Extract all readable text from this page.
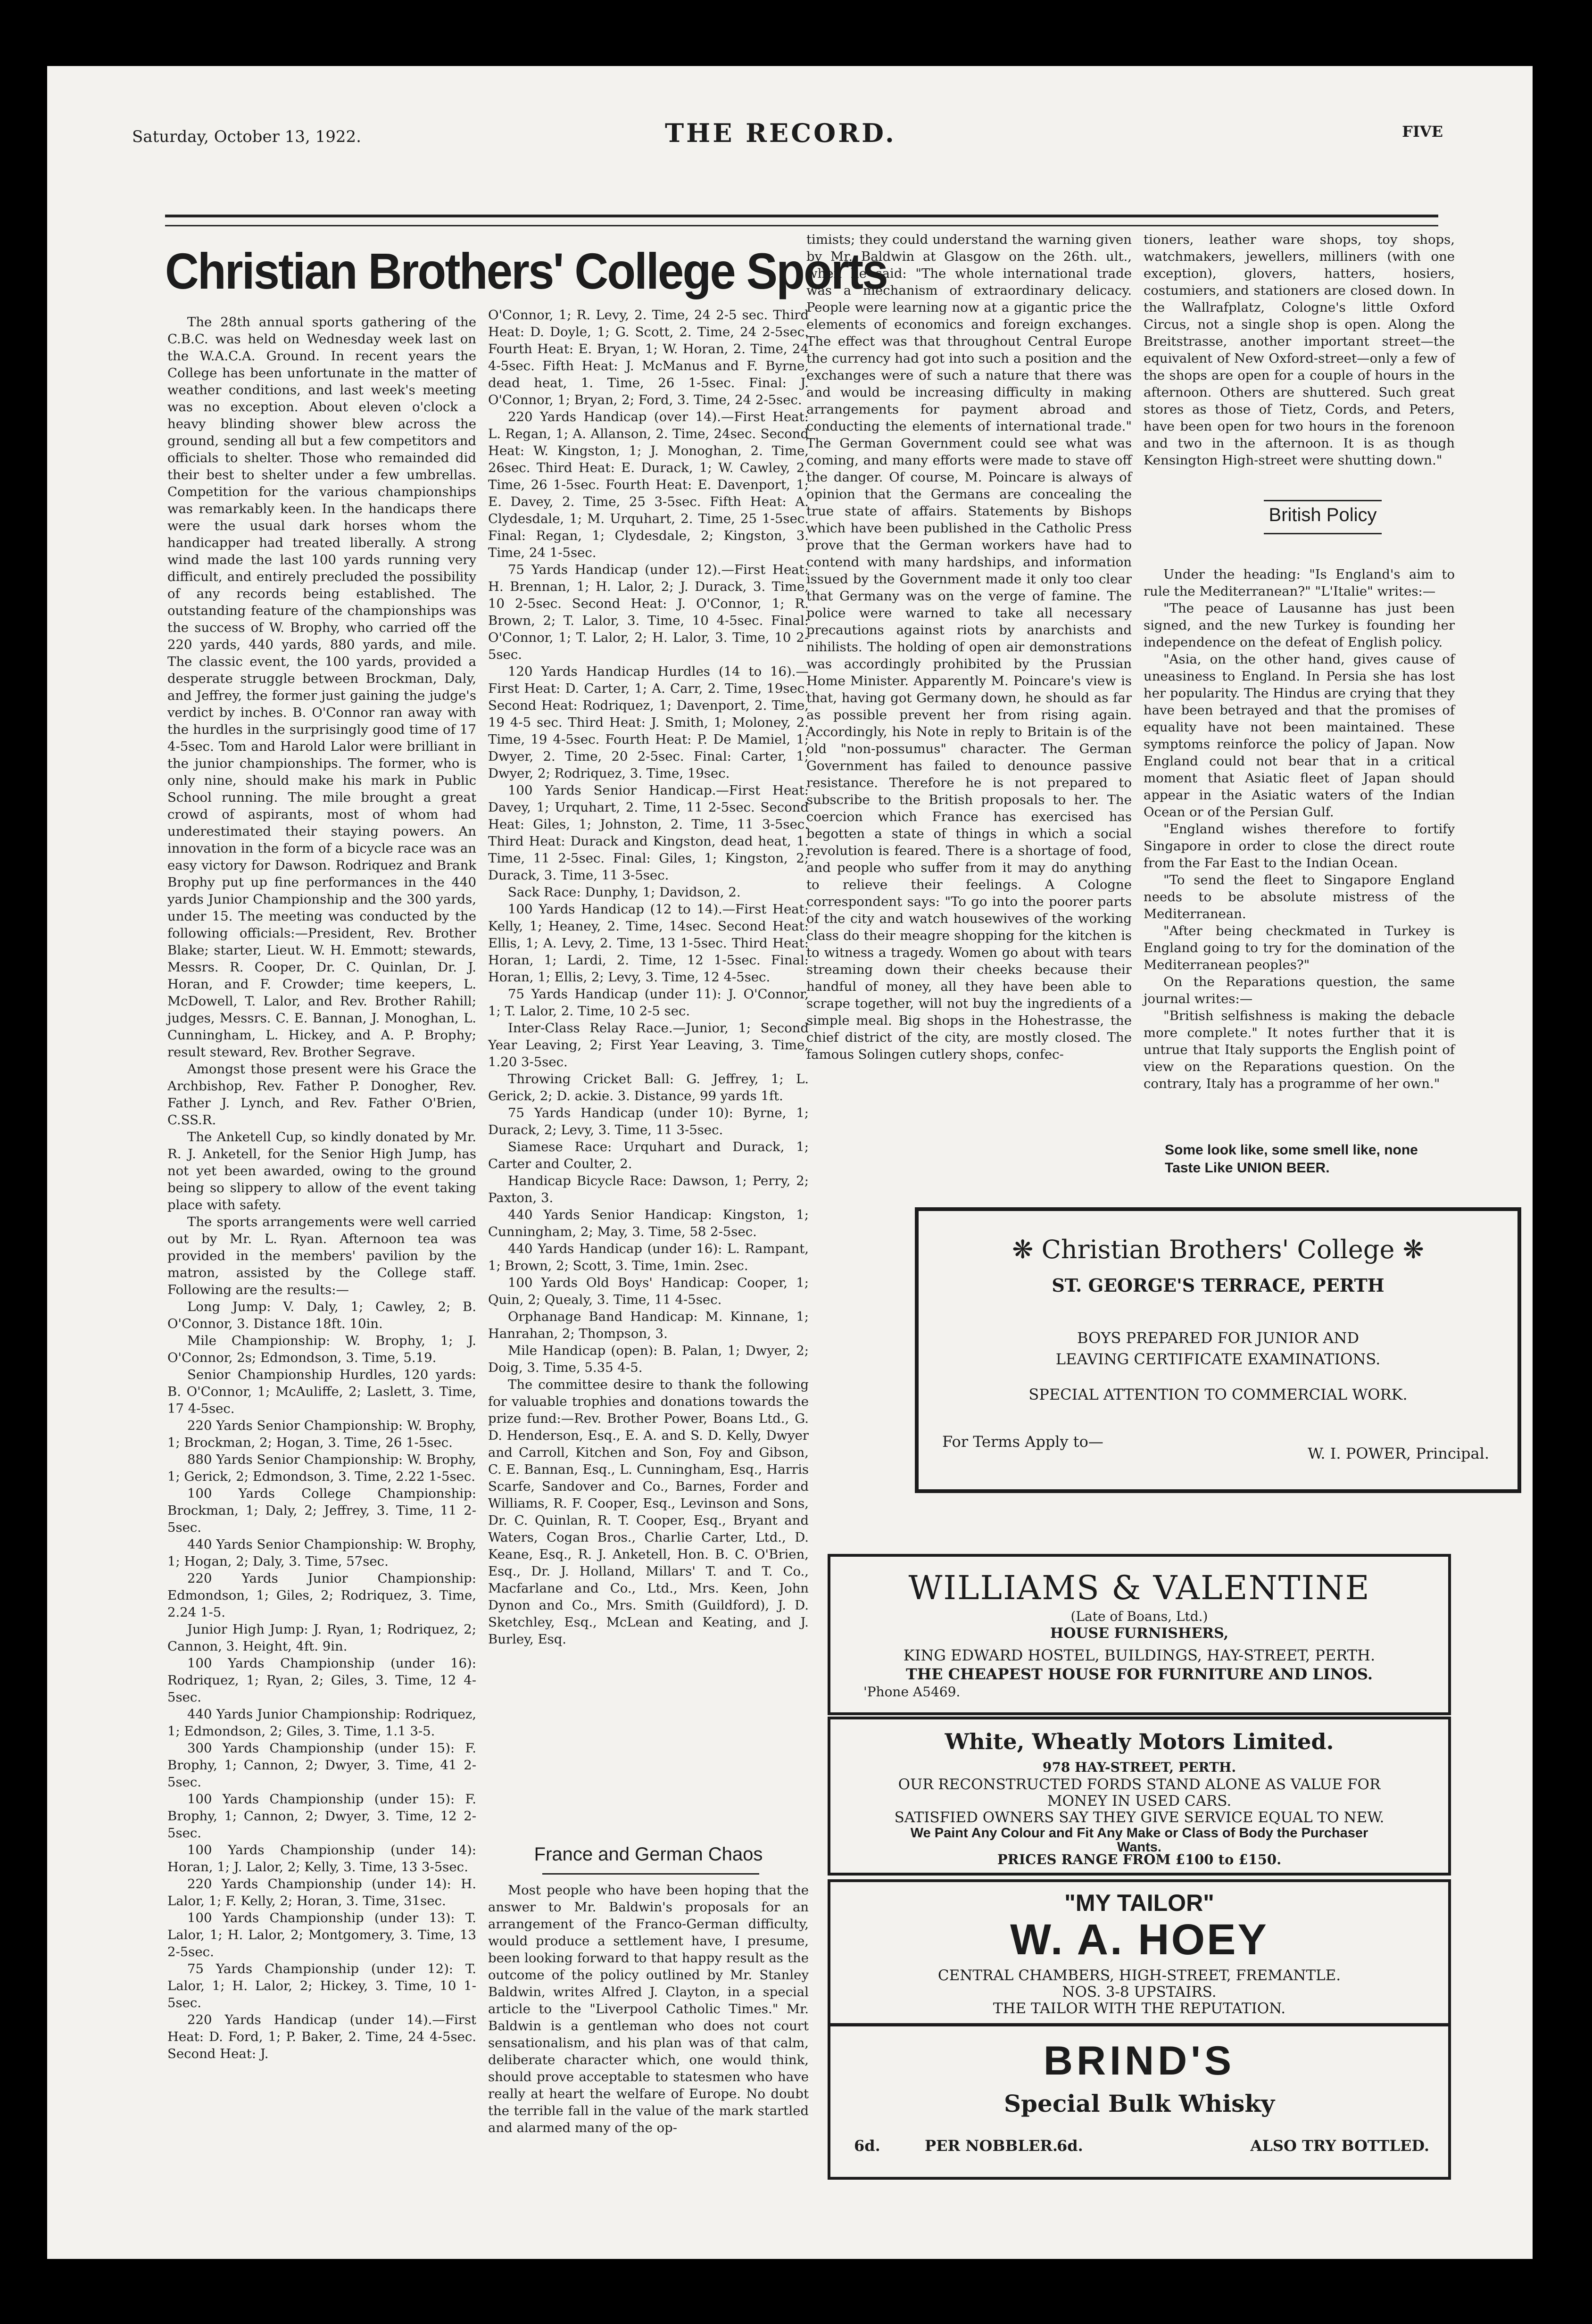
Saturday, October 13, 1922.	THE RECORD.	FIVE
Christian Brothers' College Sports

The 28th annual sports gathering of the C.B.C. was held on Wednesday week last on the W.A.C.A. Ground. In recent years the College has been unfortunate in the matter of weather conditions, and last week's meeting was no exception. About eleven o'clock a heavy blinding shower blew across the ground, sending all but a few competitors and officials to shelter. Those who remainded did their best to shelter under a few umbrellas. Competition for the various championships was remarkably keen. In the handicaps there were the usual dark horses whom the handicapper had treated liberally. A strong wind made the last 100 yards running very difficult, and entirely precluded the possibility of any records being established. The outstanding feature of the championships was the success of W. Brophy, who carried off the 220 yards, 440 yards, 880 yards, and mile. The classic event, the 100 yards, provided a desperate struggle between Brockman, Daly, and Jeffrey, the former just gaining the judge's verdict by inches. B. O'Connor ran away with the hurdles in the surprisingly good time of 17 4-5sec. Tom and Harold Lalor were brilliant in the junior championships. The former, who is only nine, should make his mark in Public School running. The mile brought a great crowd of aspirants, most of whom had underestimated their staying powers. An innovation in the form of a bicycle race was an easy victory for Dawson. Rodriquez and Brank Brophy put up fine performances in the 440 yards Junior Championship and the 300 yards, under 15. The meeting was conducted by the following officials:—President, Rev. Brother Blake; starter, Lieut. W. H. Emmott; stewards, Messrs. R. Cooper, Dr. C. Quinlan, Dr. J. Horan, and F. Crowder; time keepers, L. McDowell, T. Lalor, and Rev. Brother Rahill; judges, Messrs. C. E. Bannan, J. Monoghan, L. Cunningham, L. Hickey, and A. P. Brophy; result steward, Rev. Brother Segrave.

Amongst those present were his Grace the Archbishop, Rev. Father P. Donogher, Rev. Father J. Lynch, and Rev. Father O'Brien, C.SS.R.

The Anketell Cup, so kindly donated by Mr. R. J. Anketell, for the Senior High Jump, has not yet been awarded, owing to the ground being so slippery to allow of the event taking place with safety.

The sports arrangements were well carried out by Mr. L. Ryan. Afternoon tea was provided in the members' pavilion by the matron, assisted by the College staff. Following are the results:—

Long Jump: V. Daly, 1; Cawley, 2; B. O'Connor, 3. Distance 18ft. 10in.

Mile Championship: W. Brophy, 1; J. O'Connor, 2s; Edmondson, 3. Time, 5.19.

Senior Championship Hurdles, 120 yards: B. O'Connor, 1; McAuliffe, 2; Laslett, 3. Time, 17 4-5sec.

220 Yards Senior Championship: W. Brophy, 1; Brockman, 2; Hogan, 3. Time, 26 1-5sec.

880 Yards Senior Championship: W. Brophy, 1; Gerick, 2; Edmondson, 3. Time, 2.22 1-5sec.

100 Yards College Championship: Brockman, 1; Daly, 2; Jeffrey, 3. Time, 11 2-5sec.

440 Yards Senior Championship: W. Brophy, 1; Hogan, 2; Daly, 3. Time, 57sec.

220 Yards Junior Championship: Edmondson, 1; Giles, 2; Rodriquez, 3. Time, 2.24 1-5.

Junior High Jump: J. Ryan, 1; Rodriquez, 2; Cannon, 3. Height, 4ft. 9in.

100 Yards Championship (under 16): Rodriquez, 1; Ryan, 2; Giles, 3. Time, 12 4-5sec.

440 Yards Junior Championship: Rodriquez, 1; Edmondson, 2; Giles, 3. Time, 1.1 3-5.

300 Yards Championship (under 15): F. Brophy, 1; Cannon, 2; Dwyer, 3. Time, 41 2-5sec.

100 Yards Championship (under 15): F. Brophy, 1; Cannon, 2; Dwyer, 3. Time, 12 2-5sec.

100 Yards Championship (under 14): Horan, 1; J. Lalor, 2; Kelly, 3. Time, 13 3-5sec.

220 Yards Championship (under 14): H. Lalor, 1; F. Kelly, 2; Horan, 3. Time, 31sec.

100 Yards Championship (under 13): T. Lalor, 1; H. Lalor, 2; Montgomery, 3. Time, 13 2-5sec.

75 Yards Championship (under 12): T. Lalor, 1; H. Lalor, 2; Hickey, 3. Time, 10 1-5sec.

220 Yards Handicap (under 14).—First Heat: D. Ford, 1; P. Baker, 2. Time, 24 4-5sec. Second Heat: J.

O'Connor, 1; R. Levy, 2. Time, 24 2-5 sec. Third Heat: D. Doyle, 1; G. Scott, 2. Time, 24 2-5sec. Fourth Heat: E. Bryan, 1; W. Horan, 2. Time, 24 4-5sec. Fifth Heat: J. McManus and F. Byrne, dead heat, 1. Time, 26 1-5sec. Final: J. O'Connor, 1; Bryan, 2; Ford, 3. Time, 24 2-5sec.

220 Yards Handicap (over 14).—First Heat: L. Regan, 1; A. Allanson, 2. Time, 24sec. Second Heat: W. Kingston, 1; J. Monoghan, 2. Time, 26sec. Third Heat: E. Durack, 1; W. Cawley, 2. Time, 26 1-5sec. Fourth Heat: E. Davenport, 1; E. Davey, 2. Time, 25 3-5sec. Fifth Heat: A. Clydesdale, 1; M. Urquhart, 2. Time, 25 1-5sec. Final: Regan, 1; Clydesdale, 2; Kingston, 3. Time, 24 1-5sec.

75 Yards Handicap (under 12).—First Heat: H. Brennan, 1; H. Lalor, 2; J. Durack, 3. Time, 10 2-5sec. Second Heat: J. O'Connor, 1; R. Brown, 2; T. Lalor, 3. Time, 10 4-5sec. Final: O'Connor, 1; T. Lalor, 2; H. Lalor, 3. Time, 10 2-5sec.

120 Yards Handicap Hurdles (14 to 16).—First Heat: D. Carter, 1; A. Carr, 2. Time, 19sec. Second Heat: Rodriquez, 1; Davenport, 2. Time, 19 4-5 sec. Third Heat: J. Smith, 1; Moloney, 2. Time, 19 4-5sec. Fourth Heat: P. De Mamiel, 1; Dwyer, 2. Time, 20 2-5sec. Final: Carter, 1; Dwyer, 2; Rodriquez, 3. Time, 19sec.

100 Yards Senior Handicap.—First Heat: Davey, 1; Urquhart, 2. Time, 11 2-5sec. Second Heat: Giles, 1; Johnston, 2. Time, 11 3-5sec. Third Heat: Durack and Kingston, dead heat, 1. Time, 11 2-5sec. Final: Giles, 1; Kingston, 2; Durack, 3. Time, 11 3-5sec.

Sack Race: Dunphy, 1; Davidson, 2.

100 Yards Handicap (12 to 14).—First Heat: Kelly, 1; Heaney, 2. Time, 14sec. Second Heat: Ellis, 1; A. Levy, 2. Time, 13 1-5sec. Third Heat: Horan, 1; Lardi, 2. Time, 12 1-5sec. Final: Horan, 1; Ellis, 2; Levy, 3. Time, 12 4-5sec.

75 Yards Handicap (under 11): J. O'Connor, 1; T. Lalor, 2. Time, 10 2-5 sec.

Inter-Class Relay Race.—Junior, 1; Second Year Leaving, 2; First Year Leaving, 3. Time, 1.20 3-5sec.

Throwing Cricket Ball: G. Jeffrey, 1; L. Gerick, 2; D. ackie. 3. Distance, 99 yards 1ft.

75 Yards Handicap (under 10): Byrne, 1; Durack, 2; Levy, 3. Time, 11 3-5sec.

Siamese Race: Urquhart and Durack, 1; Carter and Coulter, 2.

Handicap Bicycle Race: Dawson, 1; Perry, 2; Paxton, 3.

440 Yards Senior Handicap: Kingston, 1; Cunningham, 2; May, 3. Time, 58 2-5sec.

440 Yards Handicap (under 16): L. Rampant, 1; Brown, 2; Scott, 3. Time, 1min. 2sec.

100 Yards Old Boys' Handicap: Cooper, 1; Quin, 2; Quealy, 3. Time, 11 4-5sec.

Orphanage Band Handicap: M. Kinnane, 1; Hanrahan, 2; Thompson, 3.

Mile Handicap (open): B. Palan, 1; Dwyer, 2; Doig, 3. Time, 5.35 4-5.

The committee desire to thank the following for valuable trophies and donations towards the prize fund:—Rev. Brother Power, Boans Ltd., G. D. Henderson, Esq., E. A. and S. D. Kelly, Dwyer and Carroll, Kitchen and Son, Foy and Gibson, C. E. Bannan, Esq., L. Cunningham, Esq., Harris Scarfe, Sandover and Co., Barnes, Forder and Williams, R. F. Cooper, Esq., Levinson and Sons, Dr. C. Quinlan, R. T. Cooper, Esq., Bryant and Waters, Cogan Bros., Charlie Carter, Ltd., D. Keane, Esq., R. J. Anketell, Hon. B. C. O'Brien, Esq., Dr. J. Holland, Millars' T. and T. Co., Macfarlane and Co., Ltd., Mrs. Keen, John Dynon and Co., Mrs. Smith (Guildford), J. D. Sketchley, Esq., McLean and Keating, and J. Burley, Esq.

France and German Chaos

Most people who have been hoping that the answer to Mr. Baldwin's proposals for an arrangement of the Franco-German difficulty, would produce a settlement have, I presume, been looking forward to that happy result as the outcome of the policy outlined by Mr. Stanley Baldwin, writes Alfred J. Clayton, in a special article to the "Liverpool Catholic Times." Mr. Baldwin is a gentleman who does not court sensationalism, and his plan was of that calm, deliberate character which, one would think, should prove acceptable to statesmen who have really at heart the welfare of Europe. No doubt the terrible fall in the value of the mark startled and alarmed many of the op-

timists; they could understand the warning given by Mr. Baldwin at Glasgow on the 26th. ult., when he said: "The whole international trade was a mechanism of extraordinary delicacy. People were learning now at a gigantic price the elements of economics and foreign exchanges. The effect was that throughout Central Europe the currency had got into such a position and the exchanges were of such a nature that there was and would be increasing difficulty in making arrangements for payment abroad and conducting the elements of international trade." The German Government could see what was coming, and many efforts were made to stave off the danger. Of course, M. Poincare is always of opinion that the Germans are concealing the true state of affairs. Statements by Bishops which have been published in the Catholic Press prove that the German workers have had to contend with many hardships, and information issued by the Government made it only too clear that Germany was on the verge of famine. The police were warned to take all necessary precautions against riots by anarchists and nihilists. The holding of open air demonstrations was accordingly prohibited by the Prussian Home Minister. Apparently M. Poincare's view is that, having got Germany down, he should as far as possible prevent her from rising again. Accordingly, his Note in reply to Britain is of the old "non-possumus" character. The German Government has failed to denounce passive resistance. Therefore he is not prepared to subscribe to the British proposals to her. The coercion which France has exercised has begotten a state of things in which a social revolution is feared. There is a shortage of food, and people who suffer from it may do anything to relieve their feelings. A Cologne correspondent says: "To go into the poorer parts of the city and watch housewives of the working class do their meagre shopping for the kitchen is to witness a tragedy. Women go about with tears streaming down their cheeks because their handful of money, all they have been able to scrape together, will not buy the ingredients of a simple meal. Big shops in the Hohestrasse, the chief district of the city, are mostly closed. The famous Solingen cutlery shops, confec-

tioners, leather ware shops, toy shops, watchmakers, jewellers, milliners (with one exception), glovers, hatters, hosiers, costumiers, and stationers are closed down. In the Wallrafplatz, Cologne's little Oxford Circus, not a single shop is open. Along the Breitstrasse, another important street—the equivalent of New Oxford-street—only a few of the shops are open for a couple of hours in the afternoon. Others are shuttered. Such great stores as those of Tietz, Cords, and Peters, have been open for two hours in the forenoon and two in the afternoon. It is as though Kensington High-street were shutting down."

British Policy

Under the heading: "Is England's aim to rule the Mediterranean?" "L'Italie" writes:—

"The peace of Lausanne has just been signed, and the new Turkey is founding her independence on the defeat of English policy.

"Asia, on the other hand, gives cause of uneasiness to England. In Persia she has lost her popularity. The Hindus are crying that they have been betrayed and that the promises of equality have not been maintained. These symptoms reinforce the policy of Japan. Now England could not bear that in a critical moment that Asiatic fleet of Japan should appear in the Asiatic waters of the Indian Ocean or of the Persian Gulf.

"England wishes therefore to fortify Singapore in order to close the direct route from the Far East to the Indian Ocean.

"To send the fleet to Singapore England needs to be absolute mistress of the Mediterranean.

"After being checkmated in Turkey is England going to try for the domination of the Mediterranean peoples?"

On the Reparations question, the same journal writes:—

"British selfishness is making the debacle more complete." It notes further that it is untrue that Italy supports the English point of view on the Reparations question. On the contrary, Italy has a programme of her own."

Some look like, some smell like, none Taste Like UNION BEER.
❋ Christian Brothers' College ❋
ST. GEORGE'S TERRACE, PERTH
BOYS PREPARED FOR JUNIOR AND
LEAVING CERTIFICATE EXAMINATIONS.
SPECIAL ATTENTION TO COMMERCIAL WORK.
For Terms Apply to—
W. I. POWER, Principal.
WILLIAMS & VALENTINE
(Late of Boans, Ltd.)
HOUSE FURNISHERS,
KING EDWARD HOSTEL, BUILDINGS, HAY-STREET, PERTH.
THE CHEAPEST HOUSE FOR FURNITURE AND LINOS.
'Phone A5469.
White, Wheatly Motors Limited.
978 HAY-STREET, PERTH.
OUR RECONSTRUCTED FORDS STAND ALONE AS VALUE FOR
MONEY IN USED CARS.
SATISFIED OWNERS SAY THEY GIVE SERVICE EQUAL TO NEW.
We Paint Any Colour and Fit Any Make or Class of Body the Purchaser
Wants.
PRICES RANGE FROM £100 to £150.
"MY TAILOR"
W. A. HOEY
CENTRAL CHAMBERS, HIGH-STREET, FREMANTLE.
NOS. 3-8 UPSTAIRS.
THE TAILOR WITH THE REPUTATION.
BRIND'S
Special Bulk Whisky
6d.	PER NOBBLER.
6d.	ALSO TRY BOTTLED.
